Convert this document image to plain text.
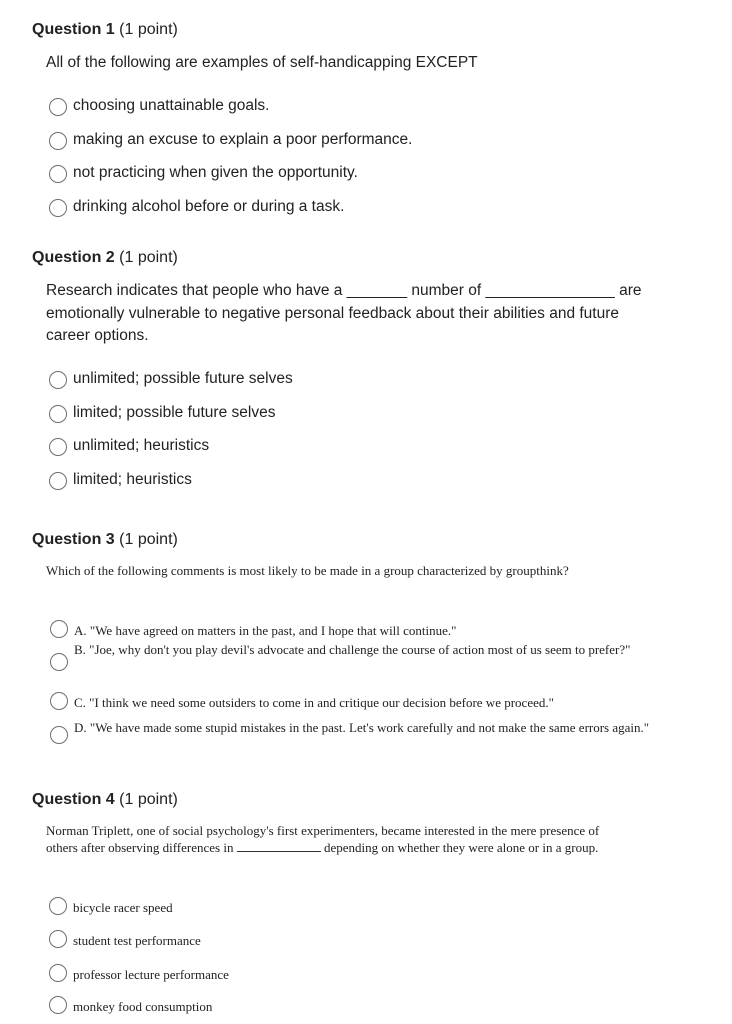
Question 1 (1 point)
All of the following are examples of self-handicapping EXCEPT
choosing unattainable goals.
making an excuse to explain a poor performance.
not practicing when given the opportunity.
drinking alcohol before or during a task.
Question 2 (1 point)
Research indicates that people who have a _______ number of _______________ are
emotionally vulnerable to negative personal feedback about their abilities and future
career options.
unlimited; possible future selves
limited; possible future selves
unlimited; heuristics
limited; heuristics
Question 3 (1 point)
Which of the following comments is most likely to be made in a group characterized by groupthink?
A. "We have agreed on matters in the past, and I hope that will continue."
B. "Joe, why don't you play devil's advocate and challenge the course of action most of us seem to prefer?"
C. "I think we need some outsiders to come in and critique our decision before we proceed."
D. "We have made some stupid mistakes in the past. Let's work carefully and not make the same errors again."
Question 4 (1 point)
Norman Triplett, one of social psychology's first experimenters, became interested in the mere presence of
others after observing differences in	depending on whether they were alone or in a group.
bicycle racer speed
student test performance
professor lecture performance
monkey food consumption
